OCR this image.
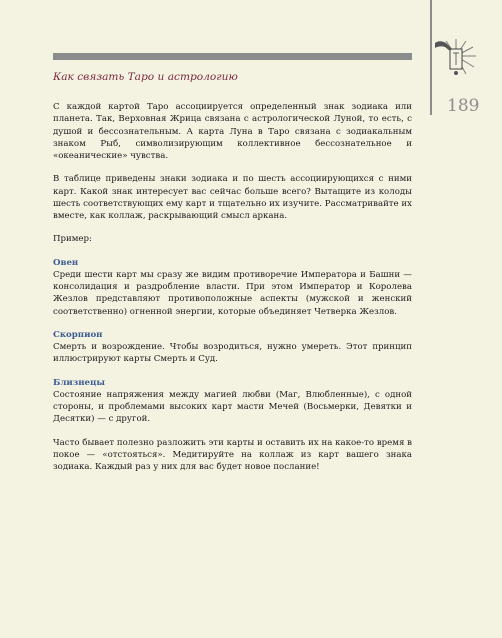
189
Как связать Таро и астрологию

С каждой картой Таро ассоциируется определенный знак зодиака или планета. Так, Верховная Жрица связана с астрологической Луной, то есть, с душой и бессознательным. А карта Луна в Таро связана с зодиакальным знаком Рыб, символизирующим коллективное бессознательное и «океанические» чувства.

В таблице приведены знаки зодиака и по шесть ассоциирующихся с ними карт. Какой знак интересует вас сейчас больше всего? Вытащите из колоды шесть соответствующих ему карт и тщательно их изучите. Рассматривайте их вместе, как коллаж, раскрывающий смысл аркана.

Пример:

Овен

Среди шести карт мы сразу же видим противоречие Императора и Башни — консолидация и раздробление власти. При этом Император и Королева Жезлов представляют противоположные аспекты (мужской и женский соответственно) огненной энергии, которые объединяет Четверка Жезлов.

Скорпион

Смерть и возрождение. Чтобы возродиться, нужно умереть. Этот принцип иллюстрируют карты Смерть и Суд.

Близнецы

Состояние напряжения между магией любви (Маг, Влюбленные), с одной стороны, и проблемами высоких карт масти Мечей (Восьмерки, Девятки и Десятки) — с другой.

Часто бывает полезно разложить эти карты и оставить их на какое-то время в покое — «отстояться». Медитируйте на коллаж из карт вашего знака зодиака. Каждый раз у них для вас будет новое послание!
